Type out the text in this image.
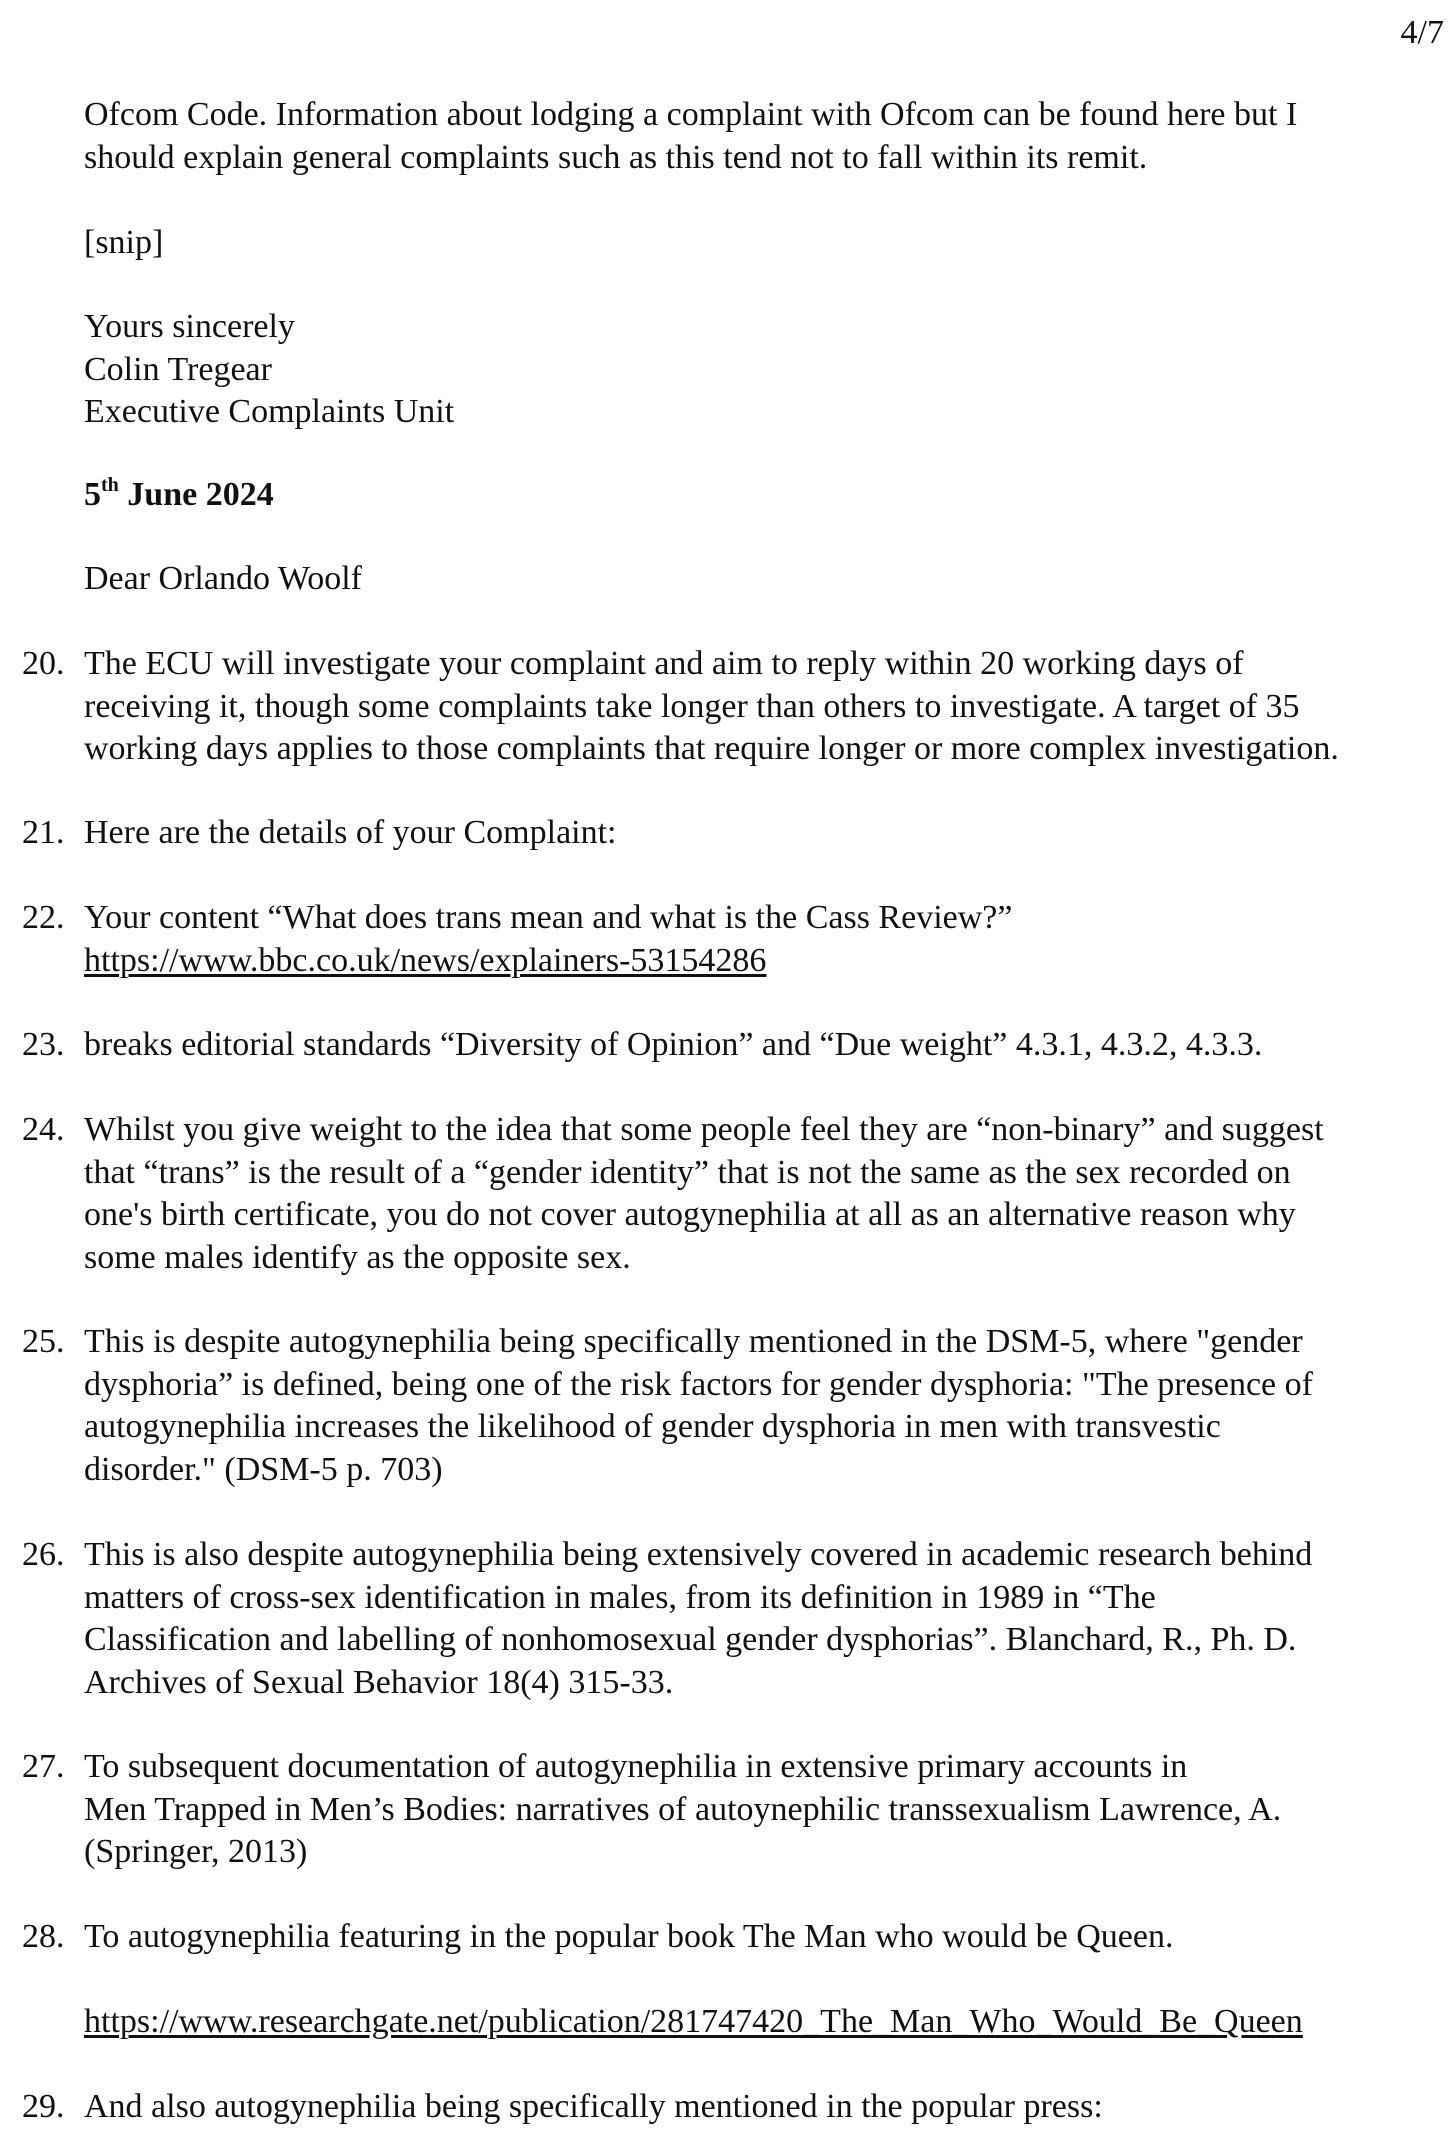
4/7

Ofcom Code. Information about lodging a complaint with Ofcom can be found here but I
should explain general complaints such as this tend not to fall within its remit.

[snip]

Yours sincerely
Colin Tregear
Executive Complaints Unit

5th June 2024

Dear Orlando Woolf

20. The ECU will investigate your complaint and aim to reply within 20 working days of
receiving it, though some complaints take longer than others to investigate. A target of 35
working days applies to those complaints that require longer or more complex investigation.

21. Here are the details of your Complaint:

22. Your content “What does trans mean and what is the Cass Review?”
https://www.bbc.co.uk/news/explainers-53154286

23. breaks editorial standards “Diversity of Opinion” and “Due weight” 4.3.1, 4.3.2, 4.3.3.

24. Whilst you give weight to the idea that some people feel they are “non-binary” and suggest
that “trans” is the result of a “gender identity” that is not the same as the sex recorded on
one's birth certificate, you do not cover autogynephilia at all as an alternative reason why
some males identify as the opposite sex.

25. This is despite autogynephilia being specifically mentioned in the DSM-5, where "gender
dysphoria” is defined, being one of the risk factors for gender dysphoria: "The presence of
autogynephilia increases the likelihood of gender dysphoria in men with transvestic
disorder." (DSM-5 p. 703)

26. This is also despite autogynephilia being extensively covered in academic research behind
matters of cross-sex identification in males, from its definition in 1989 in “The
Classification and labelling of nonhomosexual gender dysphorias”. Blanchard, R., Ph. D.
Archives of Sexual Behavior 18(4) 315-33.

27. To subsequent documentation of autogynephilia in extensive primary accounts in
Men Trapped in Men’s Bodies: narratives of autoynephilic transsexualism Lawrence, A.
(Springer, 2013)

28. To autogynephilia featuring in the popular book The Man who would be Queen.

https://www.researchgate.net/publication/281747420_The_Man_Who_Would_Be_Queen

29. And also autogynephilia being specifically mentioned in the popular press:
